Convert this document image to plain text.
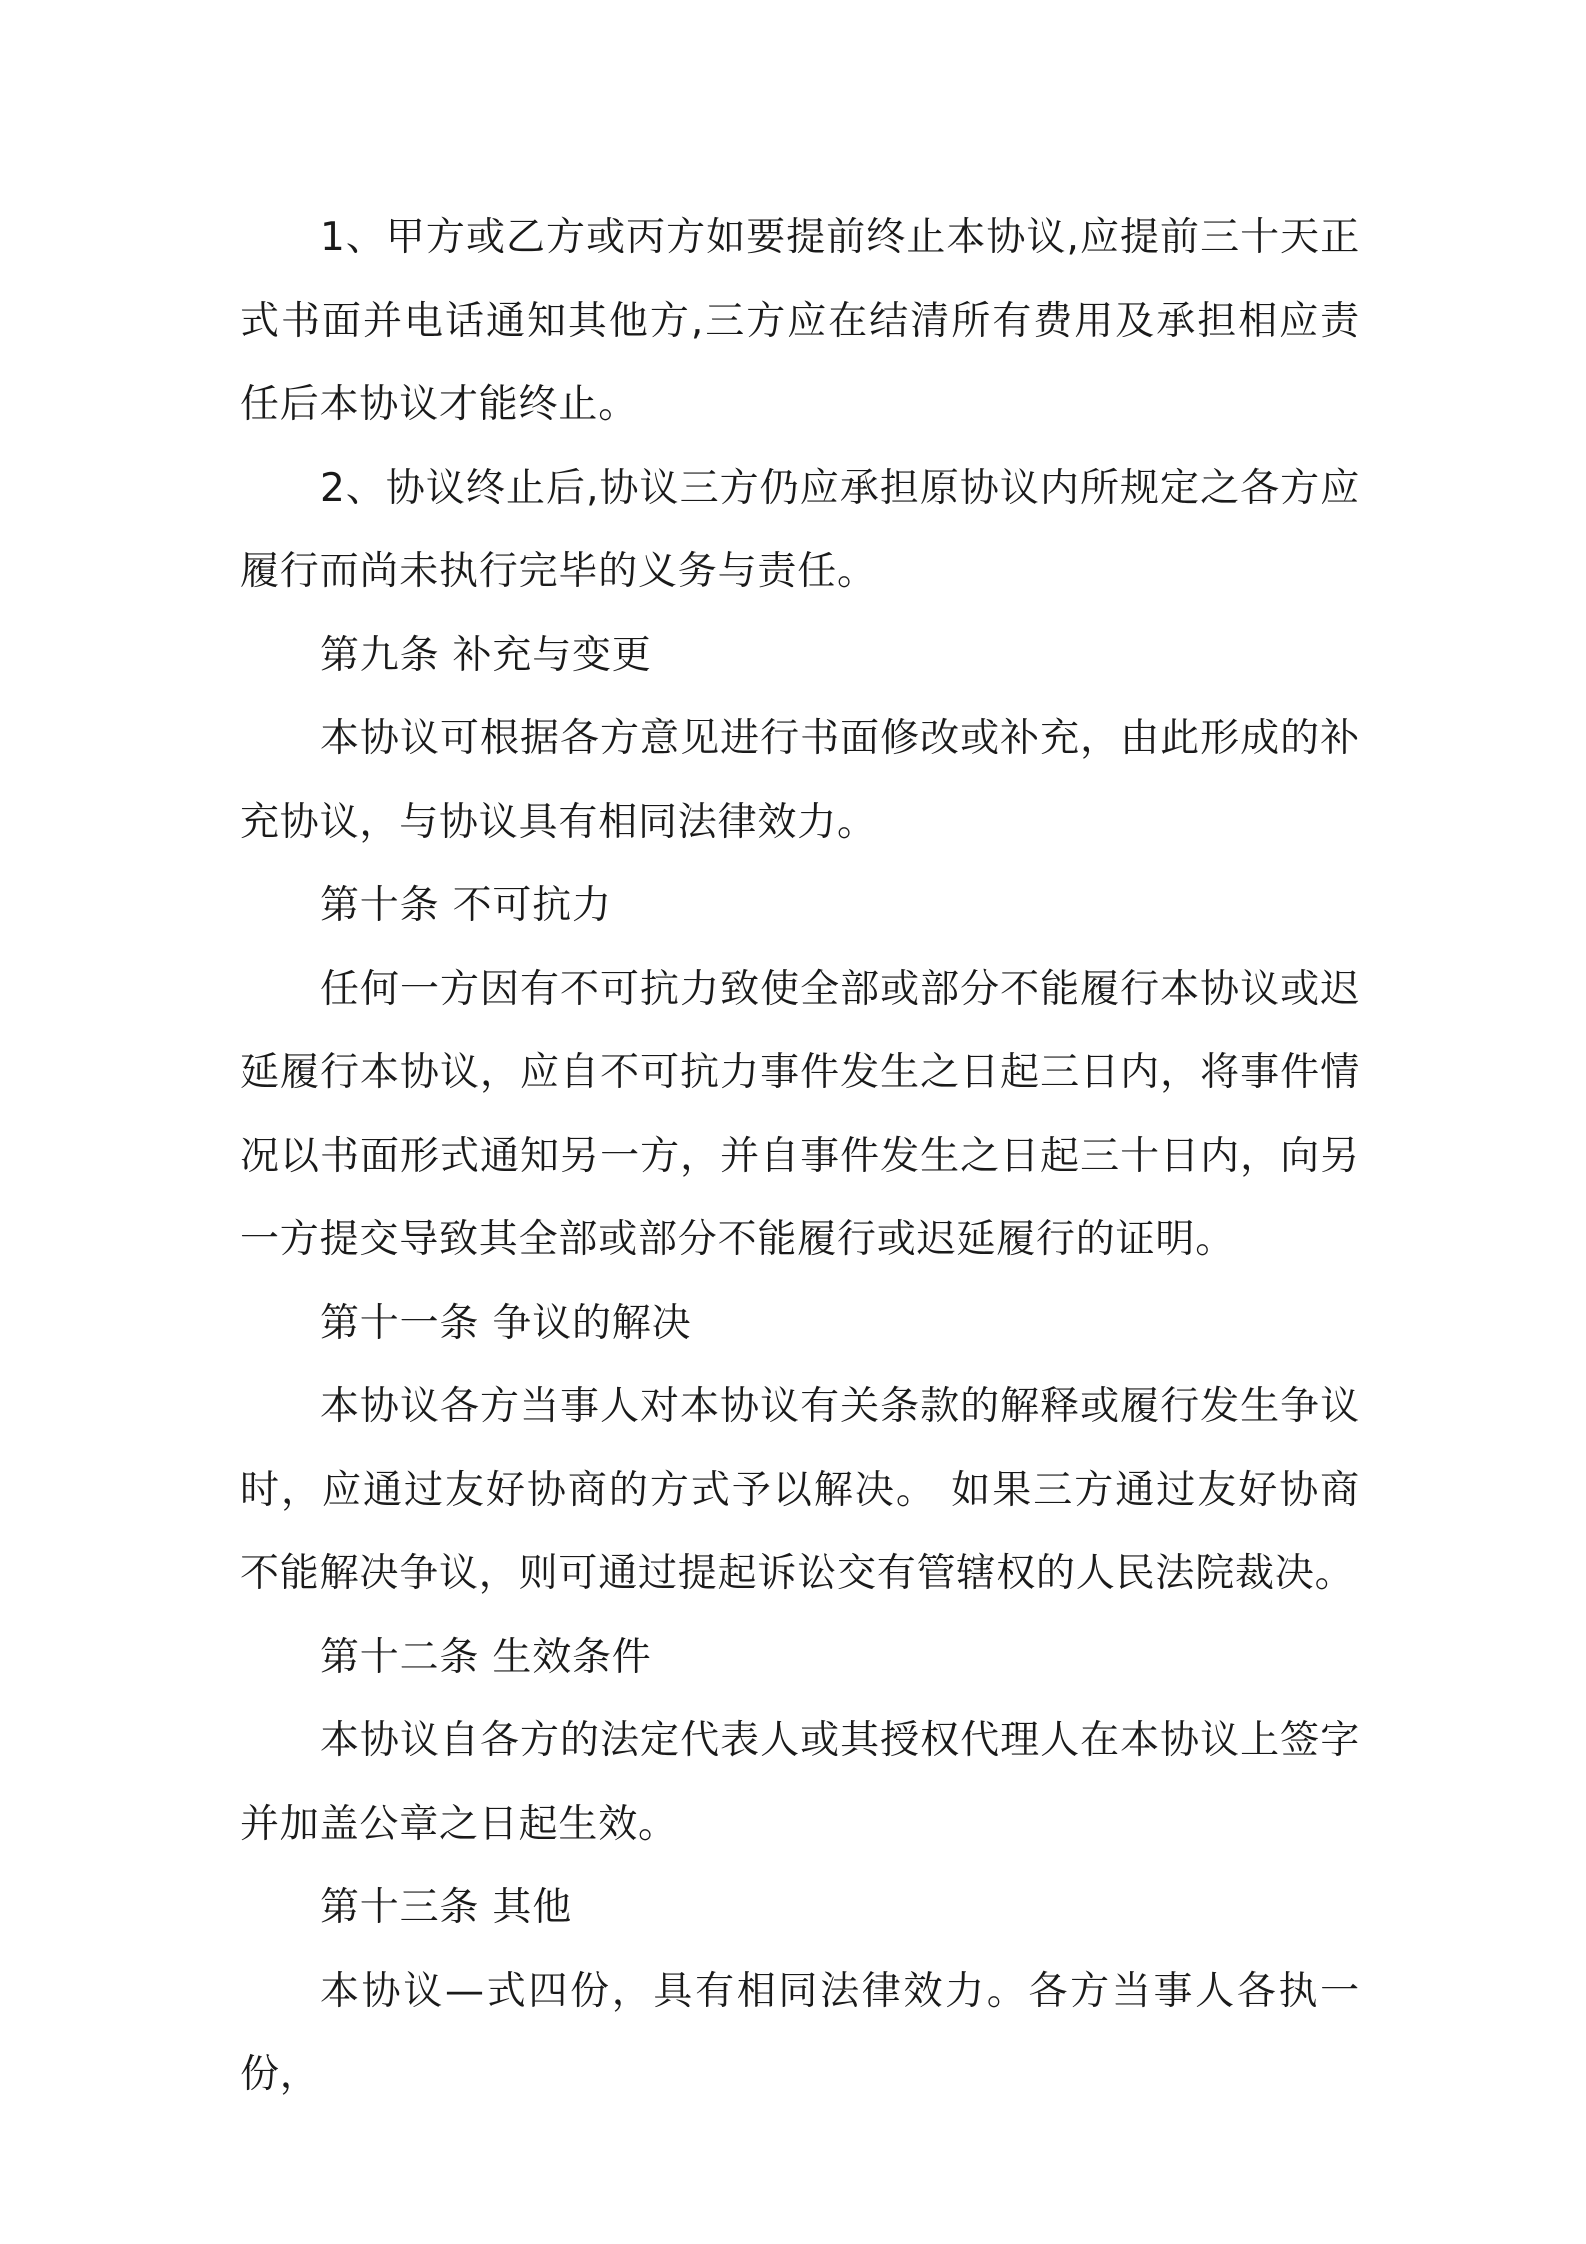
1、甲方或乙方或丙方如要提前终止本协议,应提前三十天正式书面并电话通知其他方,三方应在结清所有费用及承担相应责任后本协议才能终止。

2、协议终止后,协议三方仍应承担原协议内所规定之各方应履行而尚未执行完毕的义务与责任。

第九条 补充与变更

本协议可根据各方意见进行书面修改或补充，由此形成的补充协议，与协议具有相同法律效力。

第十条 不可抗力

任何一方因有不可抗力致使全部或部分不能履行本协议或迟延履行本协议，应自不可抗力事件发生之日起三日内，将事件情况以书面形式通知另一方，并自事件发生之日起三十日内，向另一方提交导致其全部或部分不能履行或迟延履行的证明。

第十一条 争议的解决

本协议各方当事人对本协议有关条款的解释或履行发生争议时，应通过友好协商的方式予以解决。 如果三方通过友好协商不能解决争议，则可通过提起诉讼交有管辖权的人民法院裁决。

第十二条 生效条件

本协议自各方的法定代表人或其授权代理人在本协议上签字并加盖公章之日起生效。

第十三条 其他

本协议—式四份，具有相同法律效力。各方当事人各执一份，
